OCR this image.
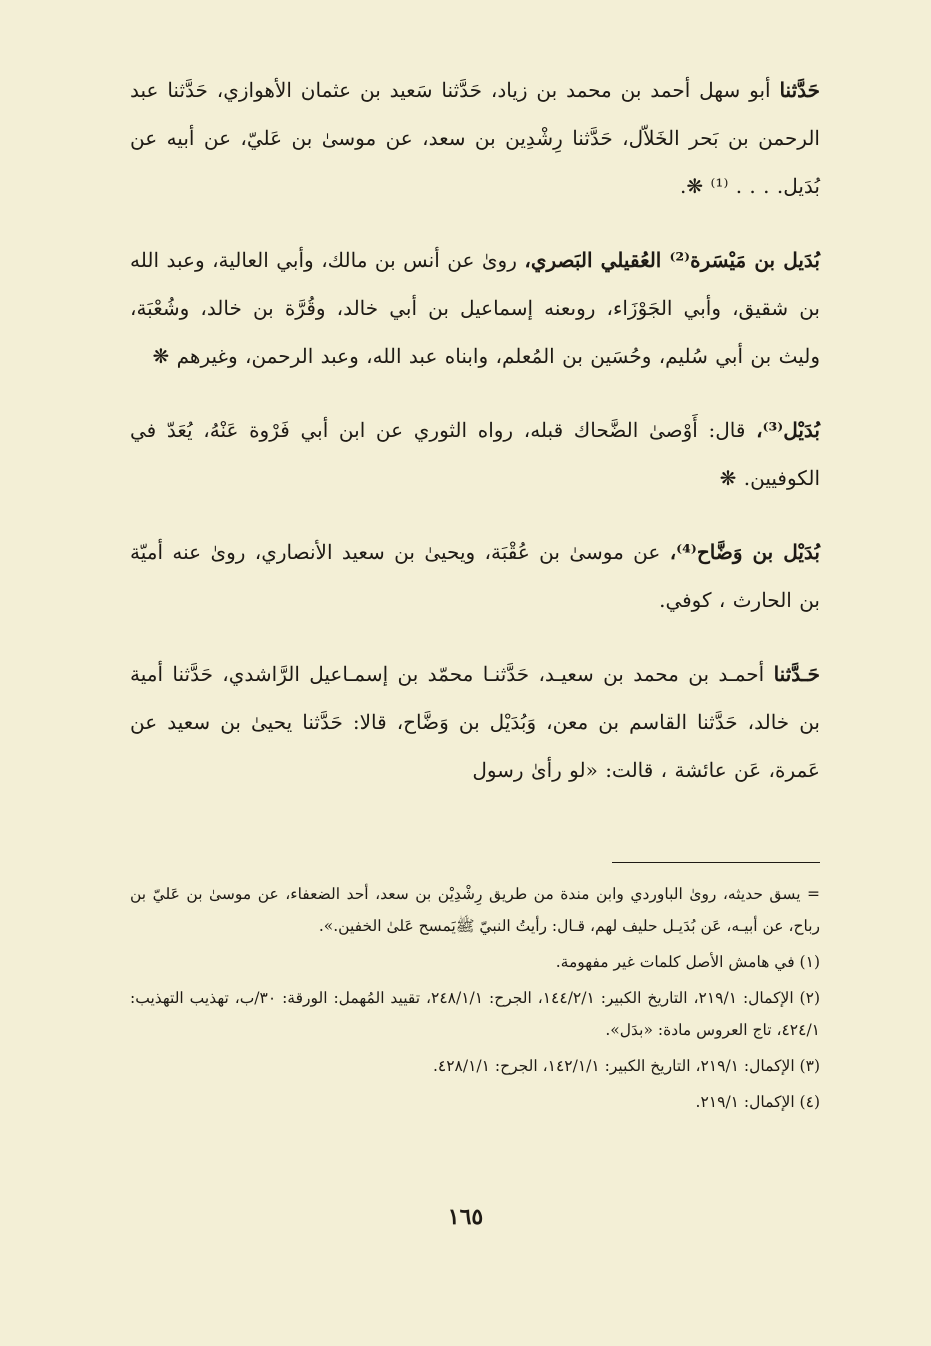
حَدَّثنا أبو سهل أحمد بن محمد بن زياد، حَدَّثنا سَعيد بن عثمان الأهوازي، حَدَّثنا عبد الرحمن بن بَحر الخَلاّل، حَدَّثنا رِشْدِين بن سعد، عن موسىٰ بن عَليّ، عن أبيه عن بُدَيل. . . . ⁽¹⁾ ❋.

بُدَيل بن مَيْسَرة⁽²⁾ العُقيلي البَصري، روىٰ عن أنس بن مالك، وأبي العالية، وعبد الله بن شقيق، وأبي الجَوْزَاء، روىعنه إسماعيل بن أبي خالد، وقُرَّة بن خالد، وشُعْبَة، وليث بن أبي سُليم، وحُسَين بن المُعلم، وابناه عبد الله، وعبد الرحمن، وغيرهم ❋

بُدَيْل⁽³⁾، قال: أَوْصىٰ الضَّحاك قبله، رواه الثوري عن ابن أبي فَرْوة عَنْهُ، يُعَدّ في الكوفيين. ❋

بُدَيْل بن وَضَّاح⁽⁴⁾، عن موسىٰ بن عُقْبَة، ويحيىٰ بن سعيد الأنصاري، روىٰ عنه أميّة بن الحارث ، كوفي.

حَـدَّثنا أحمـد بن محمد بن سعيـد، حَدَّثنـا محمّد بن إسمـاعيل الرَّاشدي، حَدَّثنا أمية بن خالد، حَدَّثنا القاسم بن معن، وَبُدَيْل بن وَضَّاح، قالا: حَدَّثنا يحيىٰ بن سعيد عن عَمرة، عَن عائشة ، قالت: «لو رأىٰ رسول

= يسق حديثه، روىٰ الباوردي وابن مندة من طريق رِشْدِيْن بن سعد، أحد الضعفاء، عن موسىٰ بن عَليّ بن رباح، عن أبيـه، عَن بُدَيـل حليف لهم، قـال: رأيتُ النبيّ ﷺيَمسح عَلىٰ الخفين.».

(١) في هامش الأصل كلمات غير مفهومة.

(٢) الإكمال: ٢١٩/١، التاريخ الكبير: ١٤٤/٢/١، الجرح: ٢٤٨/١/١، تقييد المُهمل: الورقة: ٣٠/ب، تهذيب التهذيب: ٤٢٤/١، تاج العروس مادة: «بدَل».

(٣) الإكمال: ٢١٩/١، التاريخ الكبير: ١٤٢/١/١، الجرح: ٤٢٨/١/١.

(٤) الإكمال: ٢١٩/١.

١٦٥
